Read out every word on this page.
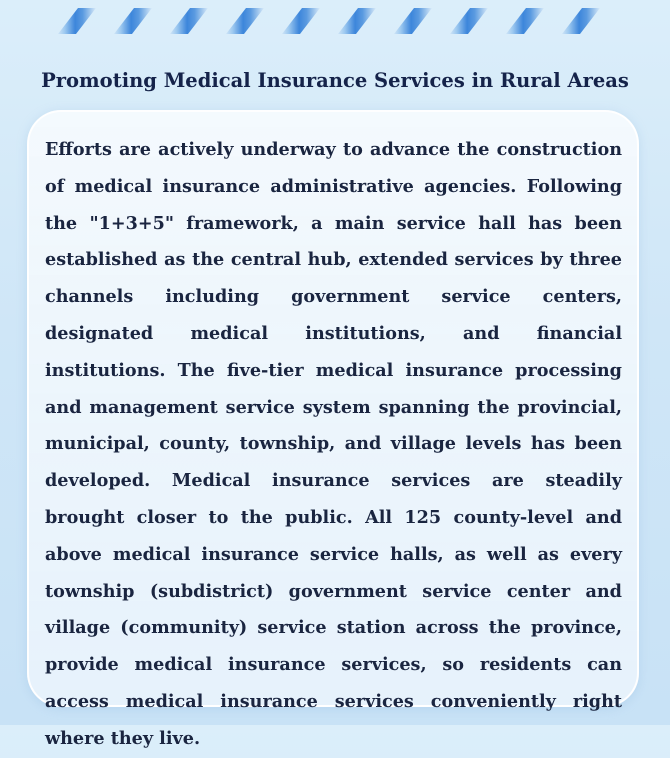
Promoting Medical Insurance Services in Rural Areas

Efforts are actively underway to advance the construction of medical insurance administrative agencies. Following the "1+3+5" framework, a main service hall has been established as the central hub, extended services by three channels including government service centers, designated medical institutions, and financial institutions. The five-tier medical insurance processing and management service system spanning the provincial, municipal, county, township, and village levels has been developed. Medical insurance services are steadily brought closer to the public. All 125 county-level and above medical insurance service halls, as well as every township (subdistrict) government service center and village (community) service station across the province, provide medical insurance services, so residents can access medical insurance services conveniently right where they live.
